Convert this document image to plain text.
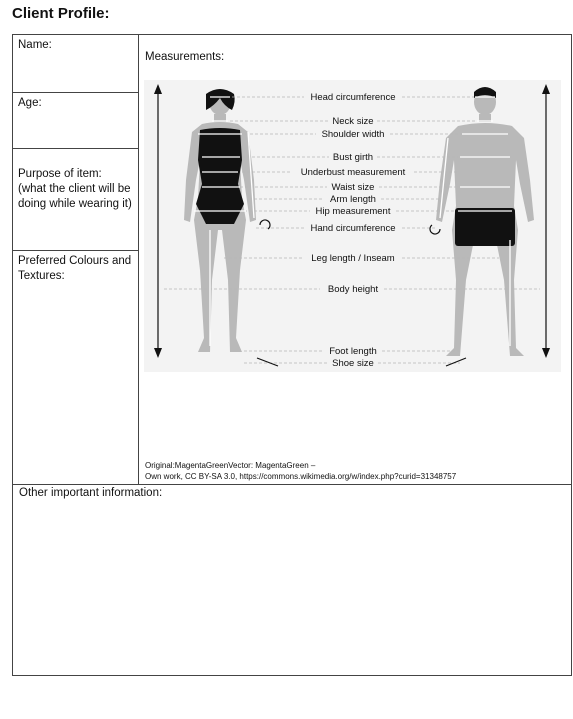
Client Profile:
Name:
Age:

Purpose of item:
(what the client will be doing while wearing it)

Preferred Colours and Textures:
Measurements:
Head circumference
Neck size
Shoulder width
Bust girth
Underbust measurement
Waist size
Arm length
Hip measurement
Hand circumference
Leg length / Inseam
Body height
Foot length
Shoe size
Original:MagentaGreenVector: MagentaGreen –
Own work, CC BY-SA 3.0, https://commons.wikimedia.org/w/index.php?curid=31348757
Other important information:
